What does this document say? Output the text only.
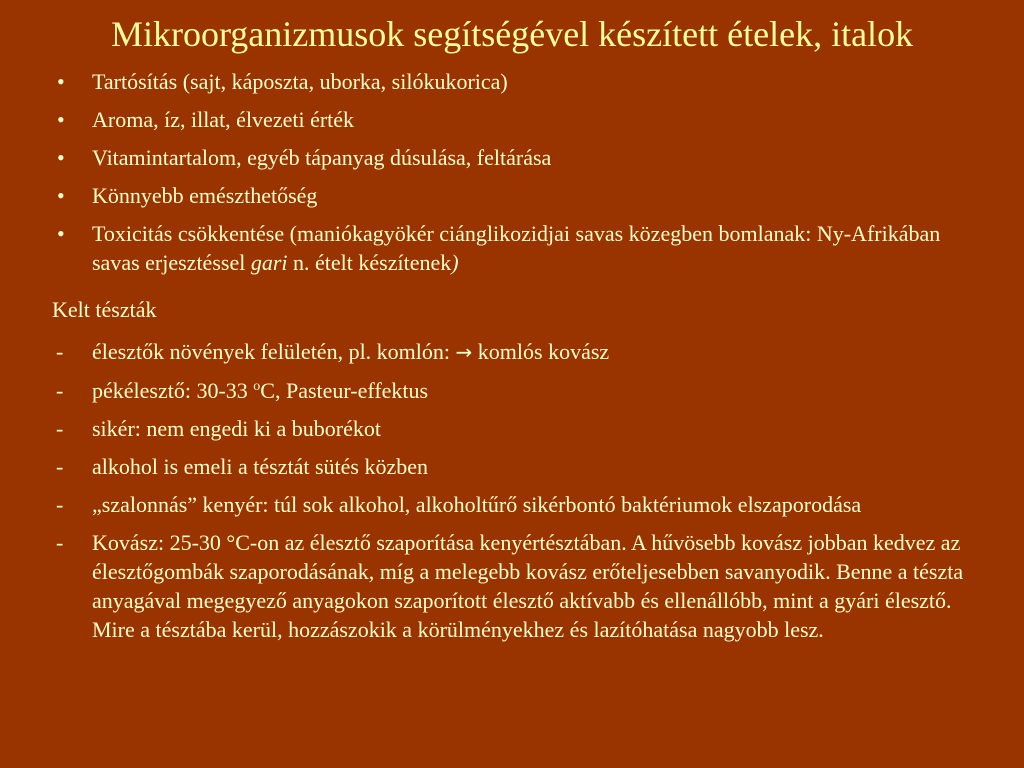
Mikroorganizmusok segítségével készített ételek, italok
• Tartósítás (sajt, káposzta, uborka, silókukorica)
• Aroma, íz, illat, élvezeti érték
• Vitamintartalom, egyéb tápanyag dúsulása, feltárása
• Könnyebb emészthetőség
• Toxicitás csökkentése (maniókagyökér ciánglikozidjai savas közegben bomlanak: Ny-Afrikában savas erjesztéssel gari n. ételt készítenek)
Kelt tészták
- élesztők növények felületén, pl. komlón: → komlós kovász
- pékélesztő: 30-33 $^o$C, Pasteur-effektus
- sikér: nem engedi ki a buborékot
- alkohol is emeli a tésztát sütés közben
- „szalonnás” kenyér: túl sok alkohol, alkoholtűrő sikérbontó baktériumok elszaporodása
- Kovász: 25-30 °C-on az élesztő szaporítása kenyértésztában. A hűvösebb kovász jobban kedvez az élesztőgombák szaporodásának, míg a melegebb kovász erőteljesebben savanyodik. Benne a tészta anyagával megegyező anyagokon szaporított élesztő aktívabb és ellenállóbb, mint a gyári élesztő. Mire a tésztába kerül, hozzászokik a körülményekhez és lazítóhatása nagyobb lesz.
